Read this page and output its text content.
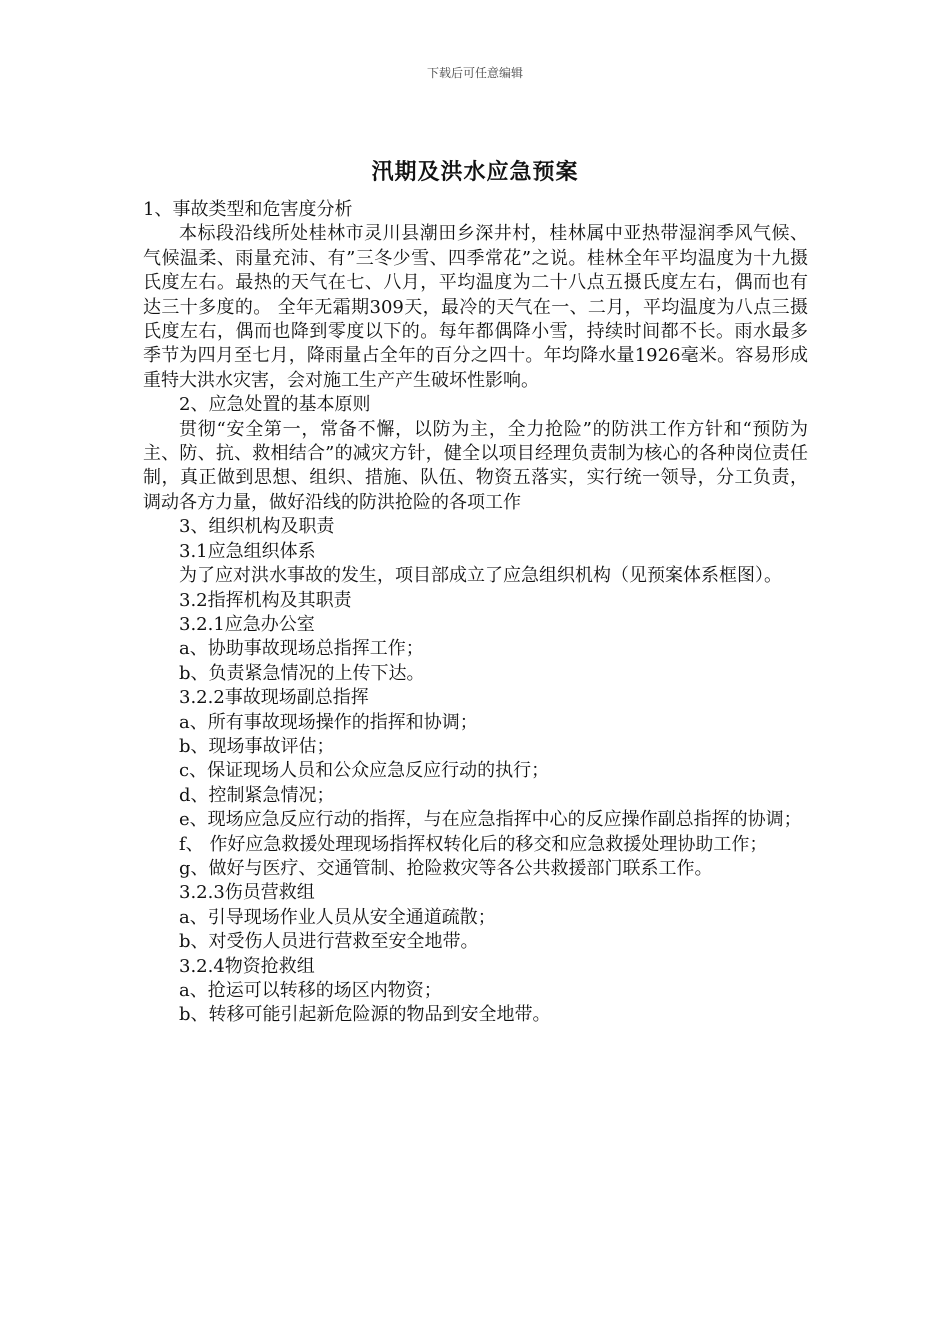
下载后可任意编辑
汛期及洪水应急预案

1、事故类型和危害度分析

本标段沿线所处桂林市灵川县潮田乡深井村，桂林属中亚热带湿润季风气候、气候温柔、雨量充沛、有”三冬少雪、四季常花”之说。桂林全年平均温度为十九摄氏度左右。最热的天气在七、八月，平均温度为二十八点五摄氏度左右，偶而也有达三十多度的。 全年无霜期309天，最冷的天气在一、二月，平均温度为八点三摄氏度左右，偶而也降到零度以下的。每年都偶降小雪，持续时间都不长。雨水最多季节为四月至七月，降雨量占全年的百分之四十。年均降水量1926毫米。容易形成重特大洪水灾害，会对施工生产产生破坏性影响。

2、应急处置的基本原则

贯彻“安全第一，常备不懈，以防为主，全力抢险”的防洪工作方针和“预防为主、防、抗、救相结合”的减灾方针，健全以项目经理负责制为核心的各种岗位责任制，真正做到思想、组织、措施、队伍、物资五落实，实行统一领导，分工负责，调动各方力量，做好沿线的防洪抢险的各项工作

3、组织机构及职责

3.1应急组织体系

为了应对洪水事故的发生，项目部成立了应急组织机构（见预案体系框图）。

3.2指挥机构及其职责

3.2.1应急办公室

a、协助事故现场总指挥工作；

b、负责紧急情况的上传下达。

3.2.2事故现场副总指挥

a、所有事故现场操作的指挥和协调；

b、现场事故评估；

c、保证现场人员和公众应急反应行动的执行；

d、控制紧急情况；

e、现场应急反应行动的指挥，与在应急指挥中心的反应操作副总指挥的协调；

f、 作好应急救援处理现场指挥权转化后的移交和应急救援处理协助工作；

g、做好与医疗、交通管制、抢险救灾等各公共救援部门联系工作。

3.2.3伤员营救组

a、引导现场作业人员从安全通道疏散；

b、对受伤人员进行营救至安全地带。

3.2.4物资抢救组

a、抢运可以转移的场区内物资；

b、转移可能引起新危险源的物品到安全地带。
